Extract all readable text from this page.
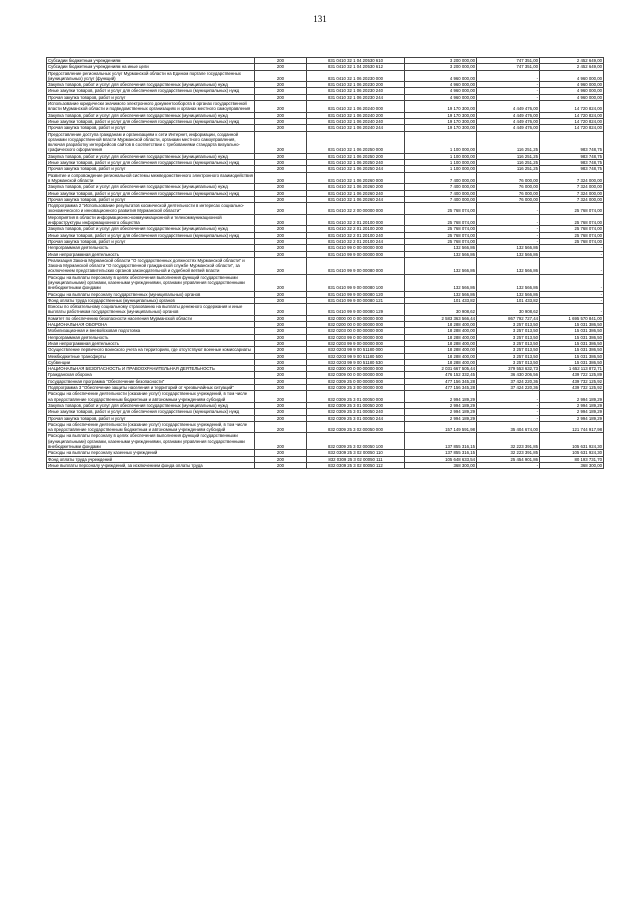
131
Субсидии бюджетным учреждениям	200	831 0410 32 1 04 20530 610	3 200 000,00	747 351,00	2 452 649,00
Субсидии бюджетным учреждениям на иные цели	200	831 0410 32 1 04 20530 612	3 200 000,00	747 351,00	2 452 649,00
Предоставление региональных услуг Мурманской области на Едином портале государственных (муниципальных) услуг (функций)	200	831 0410 32 1 06 20230 000	4 960 000,00	-	4 960 000,00
Закупка товаров, работ и услуг для обеспечения государственных (муниципальных) нужд	200	831 0410 32 1 06 20230 200	4 960 000,00	-	4 960 000,00
Иные закупки товаров, работ и услуг для обеспечения государственных (муниципальных) нужд	200	831 0410 32 1 06 20230 240	4 960 000,00	-	4 960 000,00
Прочая закупка товаров, работ и услуг	200	831 0410 32 1 06 20230 244	4 960 000,00	-	4 960 000,00
Использование юридически значимого электронного документооборота в органах государственной власти Мурманской области и подведомственных организациях и органах местного самоуправления	200	831 0410 32 1 06 20240 000	19 170 300,00	4 449 476,00	14 720 824,00
Закупка товаров, работ и услуг для обеспечения государственных (муниципальных) нужд	200	831 0410 32 1 06 20240 200	19 170 300,00	4 449 476,00	14 720 824,00
Иные закупки товаров, работ и услуг для обеспечения государственных (муниципальных) нужд	200	831 0410 32 1 06 20240 240	19 170 300,00	4 449 476,00	14 720 824,00
Прочая закупка товаров, работ и услуг	200	831 0410 32 1 06 20240 244	19 170 300,00	4 449 476,00	14 720 824,00
Предоставление доступа гражданам и организациям к сети Интернет, информации, созданной органами государственной власти Мурманской области, органами местного самоуправления, включая разработку интерфейсов сайтов в соответствии с требованиями стандарта визуально-графического оформления	200	831 0410 32 1 06 20250 000	1 100 000,00	116 251,25	983 748,75
Закупка товаров, работ и услуг для обеспечения государственных (муниципальных) нужд	200	831 0410 32 1 06 20250 200	1 100 000,00	116 251,25	983 748,75
Иные закупки товаров, работ и услуг для обеспечения государственных (муниципальных) нужд	200	831 0410 32 1 06 20250 240	1 100 000,00	116 251,25	983 748,75
Прочая закупка товаров, работ и услуг	200	831 0410 32 1 06 20250 244	1 100 000,00	116 251,25	983 748,75
Развитие и сопровождение региональной системы межведомственного электронного взаимодействия в Мурманской области	200	831 0410 32 1 06 20260 000	7 400 000,00	76 000,00	7 324 000,00
Закупка товаров, работ и услуг для обеспечения государственных (муниципальных) нужд	200	831 0410 32 1 06 20260 200	7 400 000,00	76 000,00	7 324 000,00
Иные закупки товаров, работ и услуг для обеспечения государственных (муниципальных) нужд	200	831 0410 32 1 06 20260 240	7 400 000,00	76 000,00	7 324 000,00
Прочая закупка товаров, работ и услуг	200	831 0410 32 1 06 20260 244	7 400 000,00	76 000,00	7 324 000,00
Подпрограмма 2 "Использование результатов космической деятельности в интересах социально-экономического и инновационного развития Мурманской области"	200	831 0410 32 2 00 00000 000	25 768 074,00	-	25 768 074,00
Мероприятия в области информационно-коммуникационной и телекоммуникационной инфраструктуры информационного общества	200	831 0410 32 2 01 20100 000	25 768 074,00	-	25 768 074,00
Закупка товаров, работ и услуг для обеспечения государственных (муниципальных) нужд	200	831 0410 32 2 01 20100 200	25 768 074,00	-	25 768 074,00
Иные закупки товаров, работ и услуг для обеспечения государственных (муниципальных) нужд	200	831 0410 32 2 01 20100 240	25 768 074,00	-	25 768 074,00
Прочая закупка товаров, работ и услуг	200	831 0410 32 2 01 20100 244	25 768 074,00	-	25 768 074,00
Непрограммная деятельность	200	831 0410 99 0 00 00000 000	132 566,86	132 566,86	-
Иная непрограммная деятельность	200	831 0410 99 9 00 00000 000	132 566,86	132 566,86	-
Реализация Закона Мурманской области "О государственных должностях Мурманской области" и Закона Мурманской области "О государственной гражданской службе Мурманской области", за исключением представительских органов законодательной и судебной ветвей власти	200	831 0410 99 9 00 00080 000	132 566,86	132 566,86	-
Расходы на выплаты персоналу в целях обеспечения выполнения функций государственными (муниципальными) органами, казенными учреждениями, органами управления государственными внебюджетными фондами	200	831 0410 99 9 00 00080 100	132 566,86	132 566,86	-
Расходы на выплаты персоналу государственных (муниципальных) органов	200	831 0410 99 9 00 00080 120	132 566,86	132 566,86	-
Фонд оплаты труда государственных (муниципальных) органов	200	831 0410 99 9 00 00080 121	101 433,82	101 433,82	-
Взносы по обязательному социальному страхованию на выплаты денежного содержания и иные выплаты работникам государственных (муниципальных) органов	200	831 0410 99 9 00 00080 129	30 908,62	30 908,62	-
Комитет по обеспечению безопасности населения Мурманской области	200	832 0000 00 0 00 00000 000	2 583 363 566,44	867 792 727,44	1 695 570 841,00
НАЦИОНАЛЬНАЯ ОБОРОНА	200	832 0200 00 0 00 00000 000	18 288 400,00	3 257 013,50	15 031 386,50
Мобилизационная и вневойсковая подготовка	200	832 0203 00 0 00 00000 000	18 288 400,00	3 257 013,50	15 031 386,50
Непрограммная деятельность	200	832 0203 99 0 00 00000 000	18 288 400,00	3 257 013,50	15 031 386,50
Иная непрограммная деятельность	200	832 0203 99 9 00 00000 000	18 288 400,00	3 257 013,50	15 031 386,50
Осуществление первичного воинского учета на территориях, где отсутствуют военные комиссариаты	200	832 0203 99 9 00 51180 000	18 288 400,00	3 257 013,50	15 031 386,50
Межбюджетные трансферты	200	832 0203 99 9 00 51180 500	18 288 400,00	3 257 013,50	15 031 386,50
Субвенции	200	832 0203 99 9 00 51180 530	18 288 400,00	3 257 013,50	15 031 386,50
НАЦИОНАЛЬНАЯ БЕЗОПАСНОСТЬ И ПРАВООХРАНИТЕЛЬНАЯ ДЕЯТЕЛЬНОСТЬ	200	832 0300 00 0 00 00000 000	2 031 667 505,44	379 553 632,73	1 652 113 872,71
Гражданская оборона	200	832 0309 00 0 00 00000 000	476 152 332,45	36 430 206,56	439 722 125,89
Государственная программа "Обеспечение безопасности"	200	832 0309 25 0 00 00000 000	477 156 345,28	37 424 220,36	439 732 125,92
Подпрограмма 3 "Обеспечение защиты населения и территорий от чрезвычайных ситуаций"	200	832 0309 25 3 00 00000 000	477 156 345,28	37 424 220,36	439 732 125,92
Расходы на обеспечение деятельности (оказание услуг) государственных учреждений, в том числе на предоставление государственным бюджетным и автономным учреждениям субсидий	200	832 0309 25 3 01 00050 000	2 994 189,29	-	2 994 189,29
Закупка товаров, работ и услуг для обеспечения государственных (муниципальных) нужд	200	832 0309 25 3 01 00050 200	2 994 189,29	-	2 994 189,29
Иные закупки товаров, работ и услуг для обеспечения государственных (муниципальных) нужд	200	832 0309 25 3 01 00050 240	2 994 189,29	-	2 994 189,29
Прочая закупка товаров, работ и услуг	200	832 0309 25 3 01 00050 244	2 994 189,29	-	2 994 189,29
Расходы на обеспечение деятельности (оказание услуг) государственных учреждений, в том числе на предоставление государственным бюджетным и автономным учреждениям субсидий	200	832 0309 25 3 02 00050 000	157 149 591,98	35 404 674,00	121 744 917,98
Расходы на выплаты персоналу в целях обеспечения выполнения функций государственными (муниципальными) органами, казенными учреждениями, органами управления государственными внебюджетными фондами	200	832 0309 25 3 02 00050 100	137 855 316,15	32 223 391,85	105 631 924,30
Расходы на выплаты персоналу казенных учреждений	200	832 0309 25 3 02 00050 110	137 855 316,15	32 223 391,85	105 631 924,30
Фонд оплаты труда учреждений	200	832 0309 25 3 02 00050 111	105 648 633,54	25 454 901,86	80 193 731,70
Иные выплаты персоналу учреждений, за исключением фонда оплаты труда	200	832 0309 25 3 02 00050 112	368 300,00	-	368 300,00
